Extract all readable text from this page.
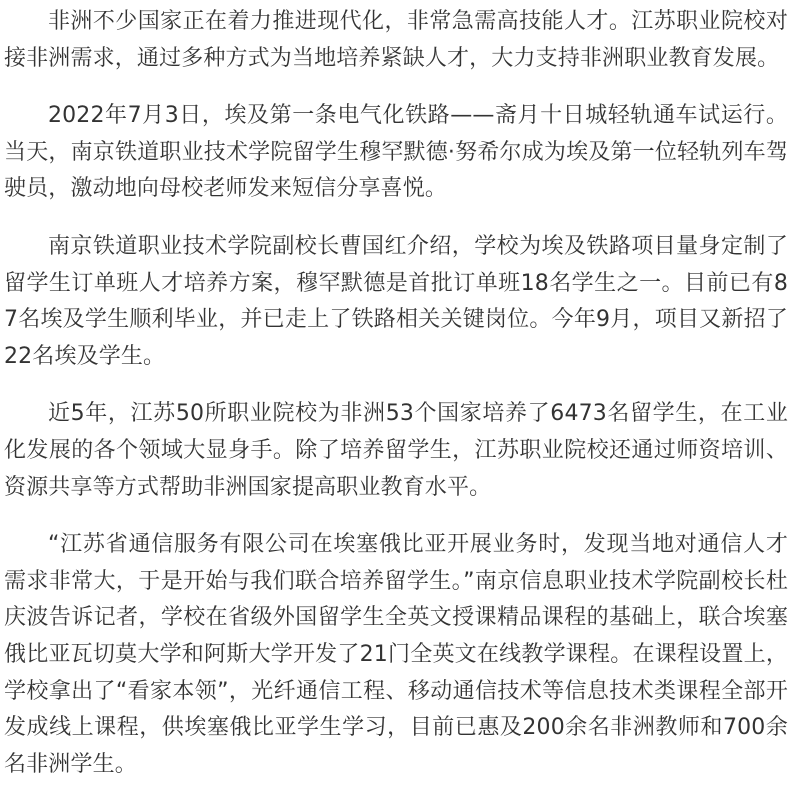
非洲不少国家正在着力推进现代化，非常急需高技能人才。江苏职业院校对接非洲需求，通过多种方式为当地培养紧缺人才，大力支持非洲职业教育发展。

2022年7月3日，埃及第一条电气化铁路——斋月十日城轻轨通车试运行。当天，南京铁道职业技术学院留学生穆罕默德·努希尔成为埃及第一位轻轨列车驾驶员，激动地向母校老师发来短信分享喜悦。

南京铁道职业技术学院副校长曹国红介绍，学校为埃及铁路项目量身定制了留学生订单班人才培养方案，穆罕默德是首批订单班18名学生之一。目前已有87名埃及学生顺利毕业，并已走上了铁路相关关键岗位。今年9月，项目又新招了22名埃及学生。

近5年，江苏50所职业院校为非洲53个国家培养了6473名留学生，在工业化发展的各个领域大显身手。除了培养留学生，江苏职业院校还通过师资培训、资源共享等方式帮助非洲国家提高职业教育水平。

“江苏省通信服务有限公司在埃塞俄比亚开展业务时，发现当地对通信人才需求非常大，于是开始与我们联合培养留学生。”南京信息职业技术学院副校长杜庆波告诉记者，学校在省级外国留学生全英文授课精品课程的基础上，联合埃塞俄比亚瓦切莫大学和阿斯大学开发了21门全英文在线教学课程。在课程设置上，学校拿出了“看家本领”，光纤通信工程、移动通信技术等信息技术类课程全部开发成线上课程，供埃塞俄比亚学生学习，目前已惠及200余名非洲教师和700余名非洲学生。
